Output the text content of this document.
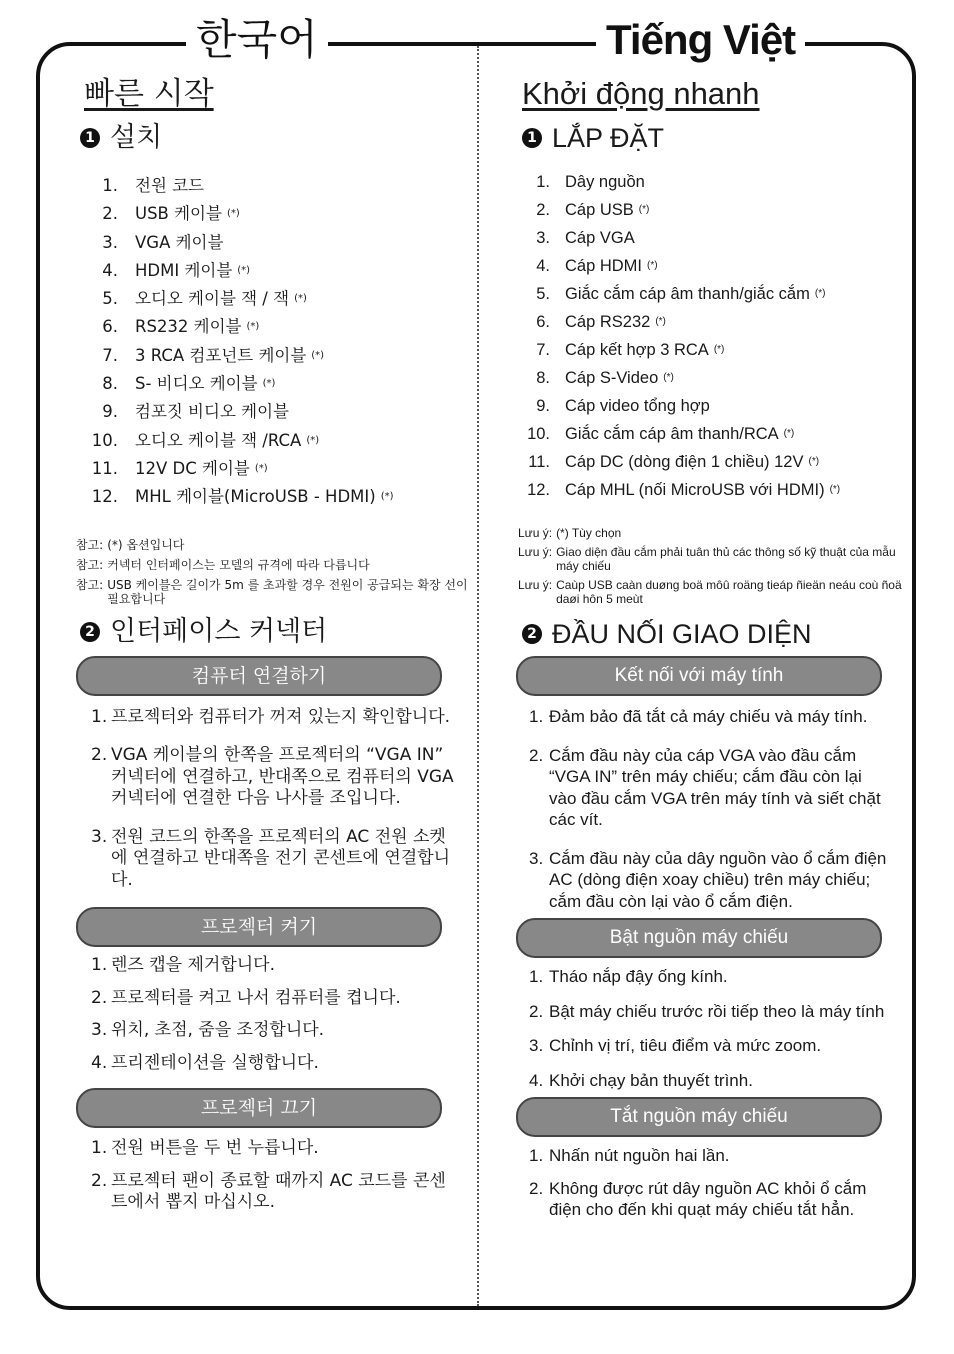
한국어	Tiếng Việt
빠른 시작
1 설치
1. 전원 코드
2. USB 케이블 (*)
3. VGA 케이블
4. HDMI 케이블 (*)
5. 오디오 케이블 잭 / 잭 (*)
6. RS232 케이블 (*)
7. 3 RCA 컴포넌트 케이블 (*)
8. S- 비디오 케이블 (*)
9. 컴포짓 비디오 케이블
10. 오디오 케이블 잭 /RCA (*)
11. 12V DC 케이블 (*)
12. MHL 케이블(MicroUSB - HDMI) (*)
참고: (*) 옵션입니다
참고: 커넥터 인터페이스는 모델의 규격에 따라 다릅니다
참고: USB 케이블은 길이가 5m 를 초과할 경우 전원이 공급되는 확장 선이 필요합니다
2 인터페이스 커넥터
컴퓨터 연결하기
1. 프로젝터와 컴퓨터가 꺼져 있는지 확인합니다.
2. VGA 케이블의 한쪽을 프로젝터의 “VGA IN” 커넥터에 연결하고, 반대쪽으로 컴퓨터의 VGA 커넥터에 연결한 다음 나사를 조입니다.
3. 전원 코드의 한쪽을 프로젝터의 AC 전원 소켓에 연결하고 반대쪽을 전기 콘센트에 연결합니다.
프로젝터 켜기
1. 렌즈 캡을 제거합니다.
2. 프로젝터를 켜고 나서 컴퓨터를 켭니다.
3. 위치, 초점, 줌을 조정합니다.
4. 프리젠테이션을 실행합니다.
프로젝터 끄기
1. 전원 버튼을 두 번 누릅니다.
2. 프로젝터 팬이 종료할 때까지 AC 코드를 콘센트에서 뽑지 마십시오.
Khởi động nhanh
1 LẮP ĐẶT
1. Dây nguồn
2. Cáp USB (*)
3. Cáp VGA
4. Cáp HDMI (*)
5. Giắc cắm cáp âm thanh/giắc cắm (*)
6. Cáp RS232 (*)
7. Cáp kết hợp 3 RCA (*)
8. Cáp S-Video (*)
9. Cáp video tổng hợp
10. Giắc cắm cáp âm thanh/RCA (*)
11. Cáp DC (dòng điện 1 chiều) 12V (*)
12. Cáp MHL (nối MicroUSB với HDMI) (*)
Lưu ý: (*) Tùy chọn
Lưu ý: Giao diện đầu cắm phải tuân thủ các thông số kỹ thuật của mẫu máy chiếu
Lưu ý: Caùp USB caàn duøng boä môû roäng tieáp ñieän neáu coù ñoä daøi hôn 5 meùt
2 ĐẦU NỐI GIAO DIỆN
Kết nối với máy tính
1. Đảm bảo đã tắt cả máy chiếu và máy tính.
2. Cắm đầu này của cáp VGA vào đầu cắm “VGA IN” trên máy chiếu; cắm đầu còn lại vào đầu cắm VGA trên máy tính và siết chặt các vít.
3. Cắm đầu này của dây nguồn vào ổ cắm điện AC (dòng điện xoay chiều) trên máy chiếu; cắm đầu còn lại vào ổ cắm điện.
Bật nguồn máy chiếu
1. Tháo nắp đậy ống kính.
2. Bật máy chiếu trước rồi tiếp theo là máy tính
3. Chỉnh vị trí, tiêu điểm và mức zoom.
4. Khởi chạy bản thuyết trình.
Tắt nguồn máy chiếu
1. Nhấn nút nguồn hai lần.
2. Không được rút dây nguồn AC khỏi ổ cắm điện cho đến khi quạt máy chiếu tắt hẳn.
